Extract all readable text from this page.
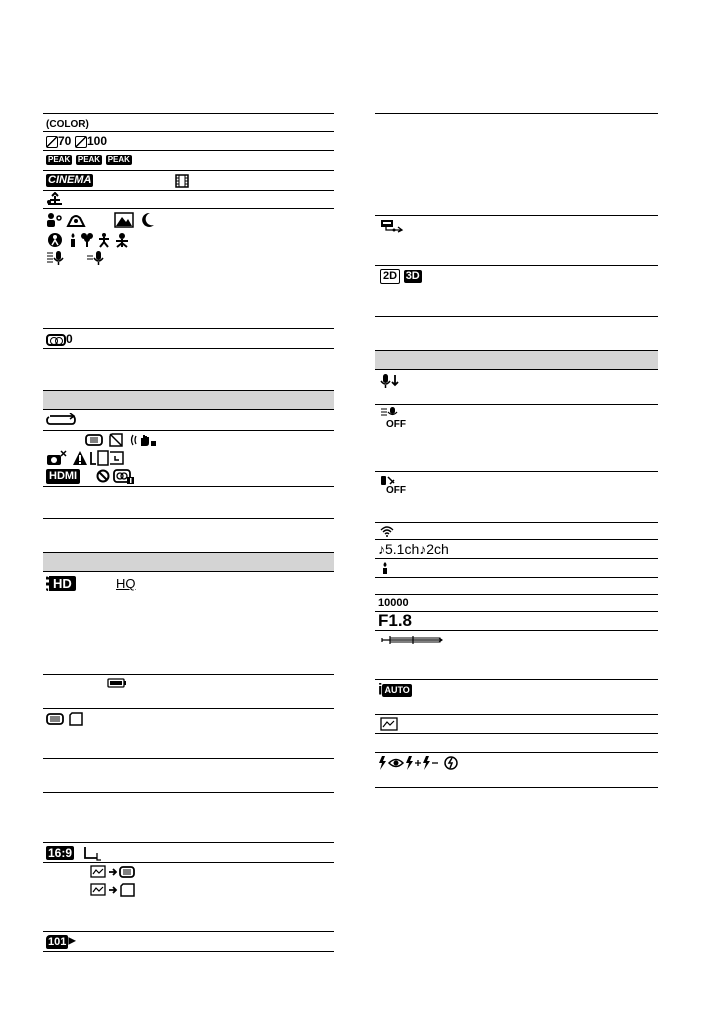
(COLOR)
70 100
PEAK PEAK PEAK
CINEMA
0
HDMI
HD	HQ
16:9
101 ▶
2D 3D
OFF
OFF
♪5.1ch♪2ch
10000
F1.8
i AUTO
